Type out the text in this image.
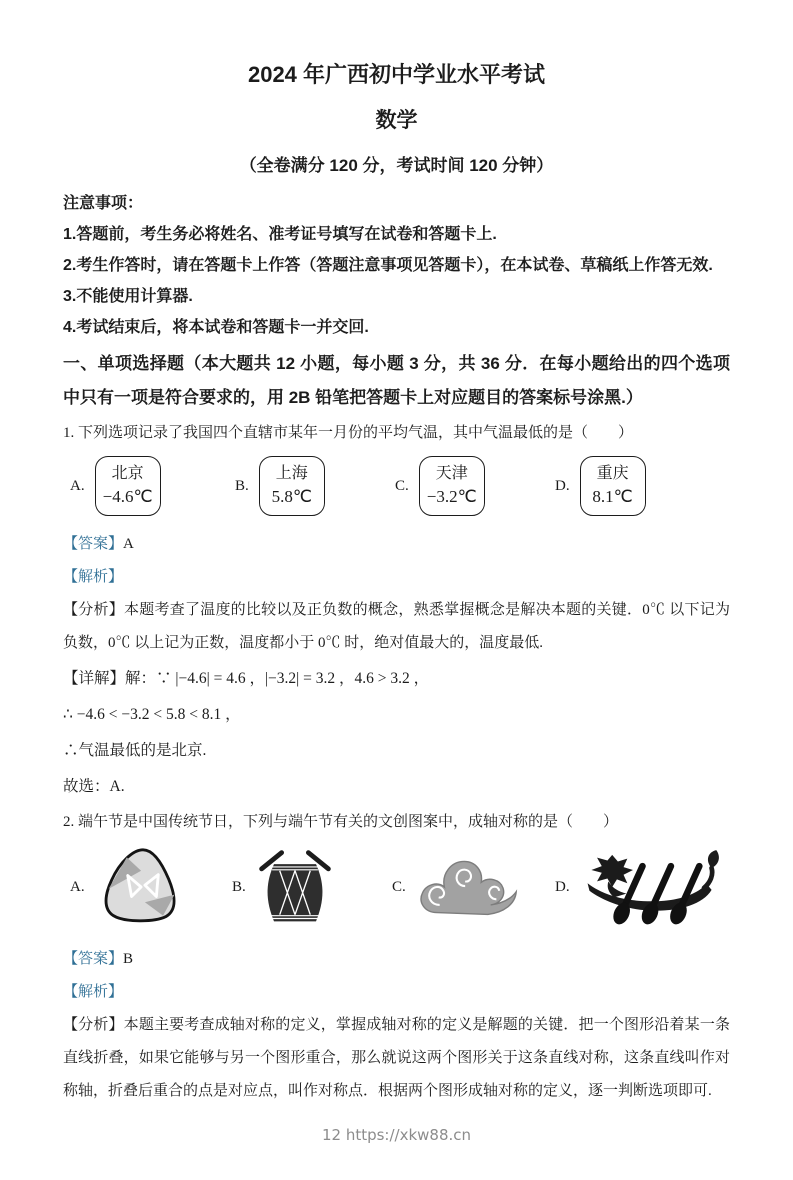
2024 年广西初中学业水平考试
数学
（全卷满分 120 分，考试时间 120 分钟）
注意事项：
1.答题前，考生务必将姓名、准考证号填写在试卷和答题卡上.
2.考生作答时，请在答题卡上作答（答题注意事项见答题卡），在本试卷、草稿纸上作答无效.
3.不能使用计算器.
4.考试结束后，将本试卷和答题卡一并交回.
一、单项选择题（本大题共 12 小题，每小题 3 分，共 36 分．在每小题给出的四个选项中只有一项是符合要求的，用 2B 铅笔把答题卡上对应题目的答案标号涂黑.）
1. 下列选项记录了我国四个直辖市某年一月份的平均气温，其中气温最低的是（　　）
A.
北京
−4.6℃
B.
上海
5.8℃
C.
天津
−3.2℃
D.
重庆
8.1℃
【答案】A
【解析】
【分析】本题考查了温度的比较以及正负数的概念，熟悉掌握概念是解决本题的关键．0℃ 以下记为负数，0℃ 以上记为正数，温度都小于 0℃ 时，绝对值最大的，温度最低.
【详解】解：∵ |−4.6| = 4.6 ，|−3.2| = 3.2 ，4.6 > 3.2 ，
∴ −4.6 < −3.2 < 5.8 < 8.1 ，
∴气温最低的是北京.
故选：A.
2. 端午节是中国传统节日，下列与端午节有关的文创图案中，成轴对称的是（　　）
A.	B.	C.	D.
【答案】B
【解析】
【分析】本题主要考查成轴对称的定义，掌握成轴对称的定义是解题的关键．把一个图形沿着某一条直线折叠，如果它能够与另一个图形重合，那么就说这两个图形关于这条直线对称，这条直线叫作对称轴，折叠后重合的点是对应点，叫作对称点．根据两个图形成轴对称的定义，逐一判断选项即可.
12 https://xkw88.cn
